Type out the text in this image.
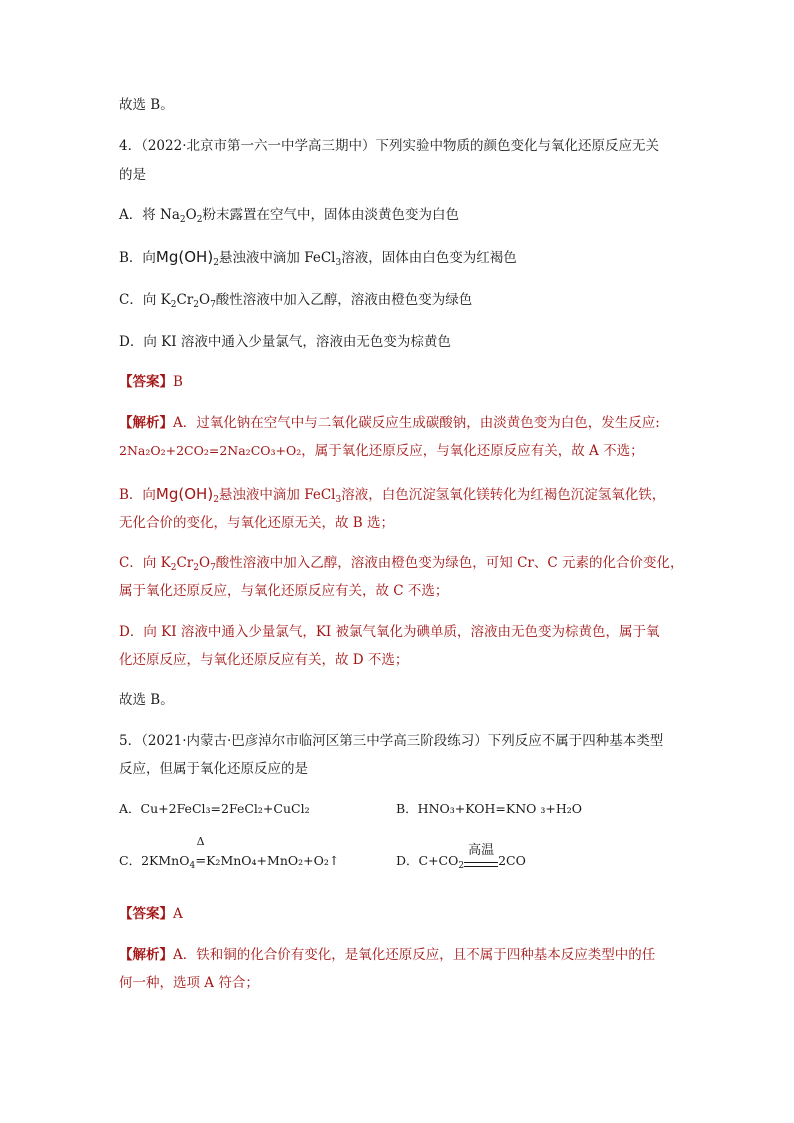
故选 B。
4．（2022·北京市第一六一中学高三期中）下列实验中物质的颜色变化与氧化还原反应无关
的是
A．将 $Na_2O_2$粉末露置在空气中，固体由淡黄色变为白色
B．向$Mg(OH)_2$悬浊液中滴加 FeCl$_3$溶液，固体由白色变为红褐色
C．向 $K_2Cr_2O_7$酸性溶液中加入乙醇，溶液由橙色变为绿色
D．向 KI 溶液中通入少量氯气，溶液由无色变为棕黄色
【答案】B
【解析】A．过氧化钠在空气中与二氧化碳反应生成碳酸钠，由淡黄色变为白色，发生反应:
2Na₂O₂+2CO₂=2Na₂CO₃+O₂，属于氧化还原反应，与氧化还原反应有关，故 A 不选；
B．向$Mg(OH)_2$悬浊液中滴加 FeCl$_3$溶液，白色沉淀氢氧化镁转化为红褐色沉淀氢氧化铁，
无化合价的变化，与氧化还原无关，故 B 选；
C．向 $K_2Cr_2O_7$酸性溶液中加入乙醇，溶液由橙色变为绿色，可知 Cr、C 元素的化合价变化，
属于氧化还原反应，与氧化还原反应有关，故 C 不选；
D．向 KI 溶液中通入少量氯气，KI 被氯气氧化为碘单质，溶液由无色变为棕黄色，属于氧
化还原反应，与氧化还原反应有关，故 D 不选；
故选 B。
5．（2021·内蒙古·巴彦淖尔市临河区第三中学高三阶段练习）下列反应不属于四种基本类型
反应，但属于氧化还原反应的是
A．Cu+2FeCl₃=2FeCl₂+CuCl₂	B．HNO₃+KOH=KNO ₃+H₂O
C．2KMnO$_4$
Δ
=K₂MnO₄+MnO₂+O₂↑	D．$C+CO_2$
高温
2CO
【答案】A
【解析】A．铁和铜的化合价有变化，是氧化还原反应，且不属于四种基本反应类型中的任
何一种，选项 A 符合；
